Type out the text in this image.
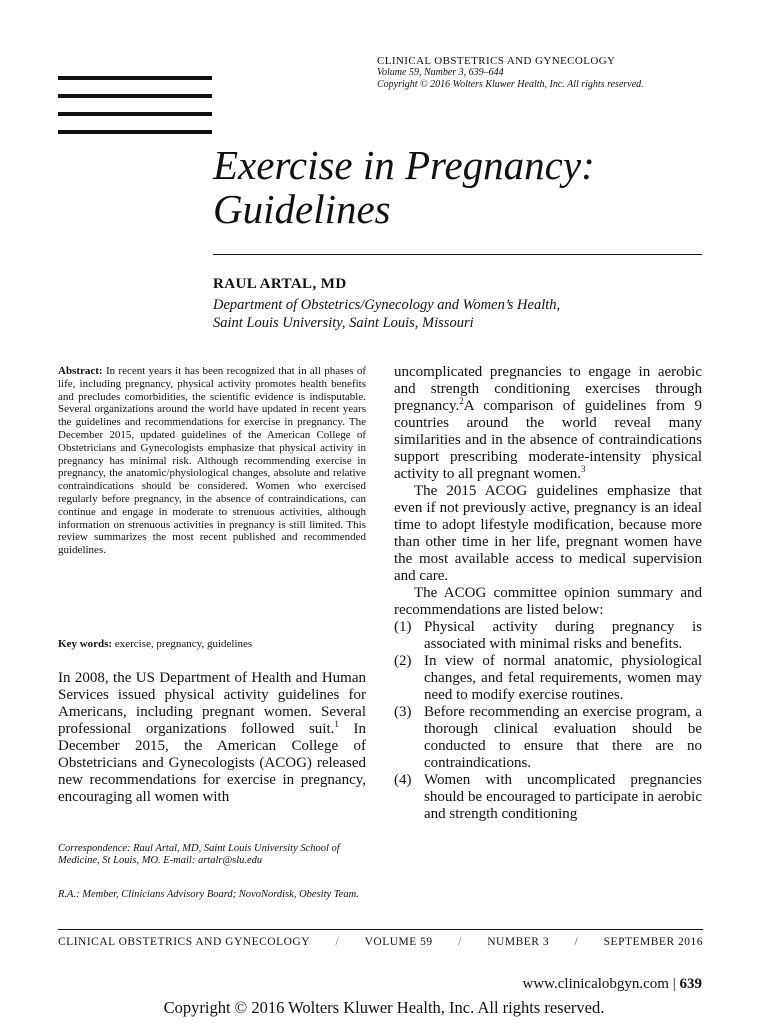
CLINICAL OBSTETRICS AND GYNECOLOGY
Volume 59, Number 3, 639–644
Copyright © 2016 Wolters Kluwer Health, Inc. All rights reserved.
Exercise in Pregnancy:
Guidelines
RAUL ARTAL, MD
Department of Obstetrics/Gynecology and Women’s Health,
Saint Louis University, Saint Louis, Missouri
Abstract: In recent years it has been recognized that in all phases of life, including pregnancy, physical activity promotes health benefits and precludes comorbidities, the scientific evidence is indisputable. Several organizations around the world have updated in recent years the guidelines and recommendations for exercise in pregnancy. The December 2015, updated guidelines of the American College of Obstetricians and Gynecologists emphasize that physical activity in pregnancy has minimal risk. Although recommending exercise in pregnancy, the anatomic/physiological changes, absolute and relative contraindications should be considered. Women who exercised regularly before pregnancy, in the absence of contraindications, can continue and engage in moderate to strenuous activities, although information on strenuous activities in pregnancy is still limited. This review summarizes the most recent published and recommended guidelines.
Key words: exercise, pregnancy, guidelines
In 2008, the US Department of Health and Human Services issued physical activity guidelines for Americans, including pregnant women. Several professional organizations followed suit.$^1$ In December 2015, the American College of Obstetricians and Gynecologists (ACOG) released new recommendations for exercise in pregnancy, encouraging all women with
Correspondence: Raul Artal, MD, Saint Louis University School of Medicine, St Louis, MO. E-mail: artalr@slu.edu
R.A.: Member, Clinicians Advisory Board; NovoNordisk, Obesity Team.

uncomplicated pregnancies to engage in aerobic and strength conditioning exercises through pregnancy.$^2$A comparison of guidelines from 9 countries around the world reveal many similarities and in the absence of contraindications support prescribing moderate-intensity physical activity to all pregnant women.$^3$

The 2015 ACOG guidelines emphasize that even if not previously active, pregnancy is an ideal time to adopt lifestyle modification, because more than other time in her life, pregnant women have the most available access to medical supervision and care.

The ACOG committee opinion summary and recommendations are listed below:

(1) Physical activity during pregnancy is associated with minimal risks and benefits.
(2) In view of normal anatomic, physiological changes, and fetal requirements, women may need to modify exercise routines.
(3) Before recommending an exercise program, a thorough clinical evaluation should be conducted to ensure that there are no contraindications.
(4) Women with uncomplicated pregnancies should be encouraged to participate in aerobic and strength conditioning
CLINICAL OBSTETRICS AND GYNECOLOGY / VOLUME 59 / NUMBER 3 / SEPTEMBER 2016
www.clinicalobgyn.com | 639
Copyright © 2016 Wolters Kluwer Health, Inc. All rights reserved.
